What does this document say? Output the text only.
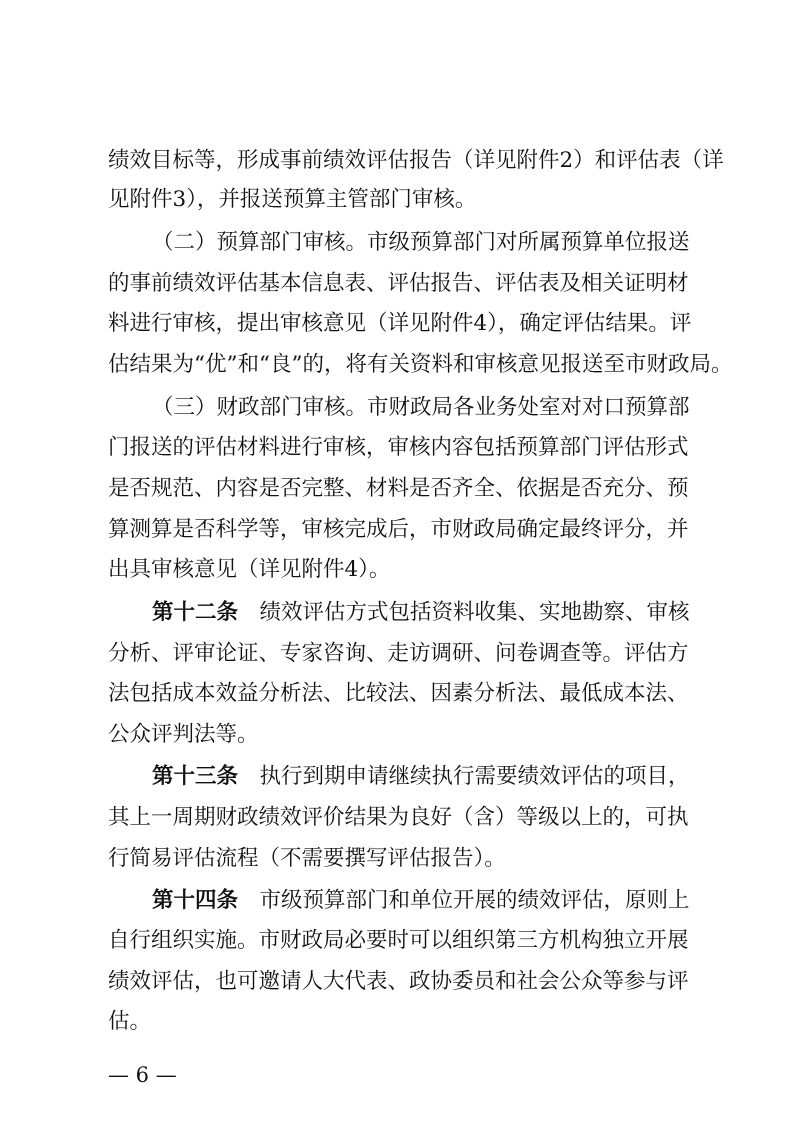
绩效目标等，形成事前绩效评估报告（详见附件2）和评估表（详
见附件3），并报送预算主管部门审核。
（二）预算部门审核。市级预算部门对所属预算单位报送
的事前绩效评估基本信息表、评估报告、评估表及相关证明材
料进行审核，提出审核意见（详见附件4），确定评估结果。评
估结果为“优”和“良”的，将有关资料和审核意见报送至市财政局。
（三）财政部门审核。市财政局各业务处室对对口预算部
门报送的评估材料进行审核，审核内容包括预算部门评估形式
是否规范、内容是否完整、材料是否齐全、依据是否充分、预
算测算是否科学等，审核完成后，市财政局确定最终评分，并
出具审核意见（详见附件4）。
第十二条  绩效评估方式包括资料收集、实地勘察、审核
分析、评审论证、专家咨询、走访调研、问卷调查等。评估方
法包括成本效益分析法、比较法、因素分析法、最低成本法、
公众评判法等。
第十三条  执行到期申请继续执行需要绩效评估的项目，
其上一周期财政绩效评价结果为良好（含）等级以上的，可执
行简易评估流程（不需要撰写评估报告）。
第十四条  市级预算部门和单位开展的绩效评估，原则上
自行组织实施。市财政局必要时可以组织第三方机构独立开展
绩效评估，也可邀请人大代表、政协委员和社会公众等参与评
估。
— 6 —
